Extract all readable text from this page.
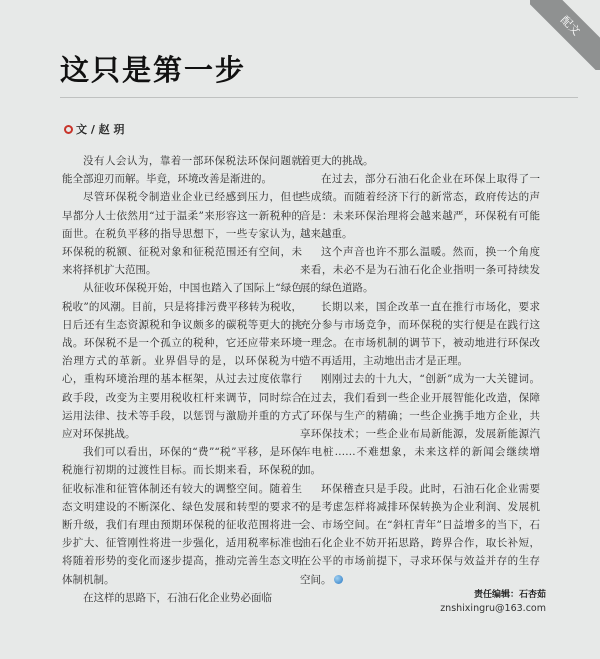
配文
这只是第一步
文 / 赵 玥

没有人会认为，靠着一部环保税法环保问题就能全部迎刃而解。毕竟，环境改善是渐进的。

尽管环保税令制造业企业已经感到压力，但也早都分人士依然用“过于温柔”来形容这一新税种的面世。在税负平移的指导思想下，一些专家认为，环保税的税额、征税对象和征税范围还有空间，未来将择机扩大范围。

从征收环保税开始，中国也踏入了国际上“绿色税收”的风潮。目前，只是将排污费平移转为税收，日后还有生态资源税和争议颇多的碳税等更大的挑战。环保税不是一个孤立的税种，它还应带来环境治理方式的革新。业界倡导的是，以环保税为中心，重构环境治理的基本框架，从过去过度依靠行政手段，改变为主要用税收杠杆来调节，同时综合运用法律、技术等手段，以惩罚与激励并重的方式应对环保挑战。

我们可以看出，环保的“费”“税”平移，是环保税施行初期的过渡性目标。而长期来看，环保税的征收标准和征管体制还有较大的调整空间。随着生态文明建设的不断深化、绿色发展和转型的要求不断升级，我们有理由预期环保税的征收范围将进一步扩大、征管刚性将进一步强化，适用税率标准也将随着形势的变化而逐步提高，推动完善生态文明体制机制。

在这样的思路下，石油石化企业势必面临

着更大的挑战。

在过去，部分石油石化企业在环保上取得了一些成绩。而随着经济下行的新常态，政府传达的声音是：未来环保治理将会越来越严，环保税有可能越来越重。

这个声音也许不那么温暖。然而，换一个角度来看，未必不是为石油石化企业指明一条可持续发展的绿色道路。

长期以来，国企改革一直在推行市场化，要求充分参与市场竞争，而环保税的实行便是在践行这一理念。在市场机制的调节下，被动地进行环保改造不再适用，主动地出击才是正理。

刚刚过去的十九大，“创新”成为一大关键词。在过去，我们看到一些企业开展智能化改造，保障了环保与生产的精确；一些企业携手地方企业，共享环保技术；一些企业布局新能源，发展新能源汽车电桩……不难想象，未来这样的新闻会继续增加。

环保稽查只是手段。此时，石油石化企业需要的是考虑怎样将减排环保转换为企业利润、发展机会、市场空间。在“斜杠青年”日益增多的当下，石油石化企业不妨开拓思路，跨界合作，取长补短，在公平的市场前提下，寻求环保与效益并存的生存空间。

责任编辑：石杏茹
znshixingru@163.com
